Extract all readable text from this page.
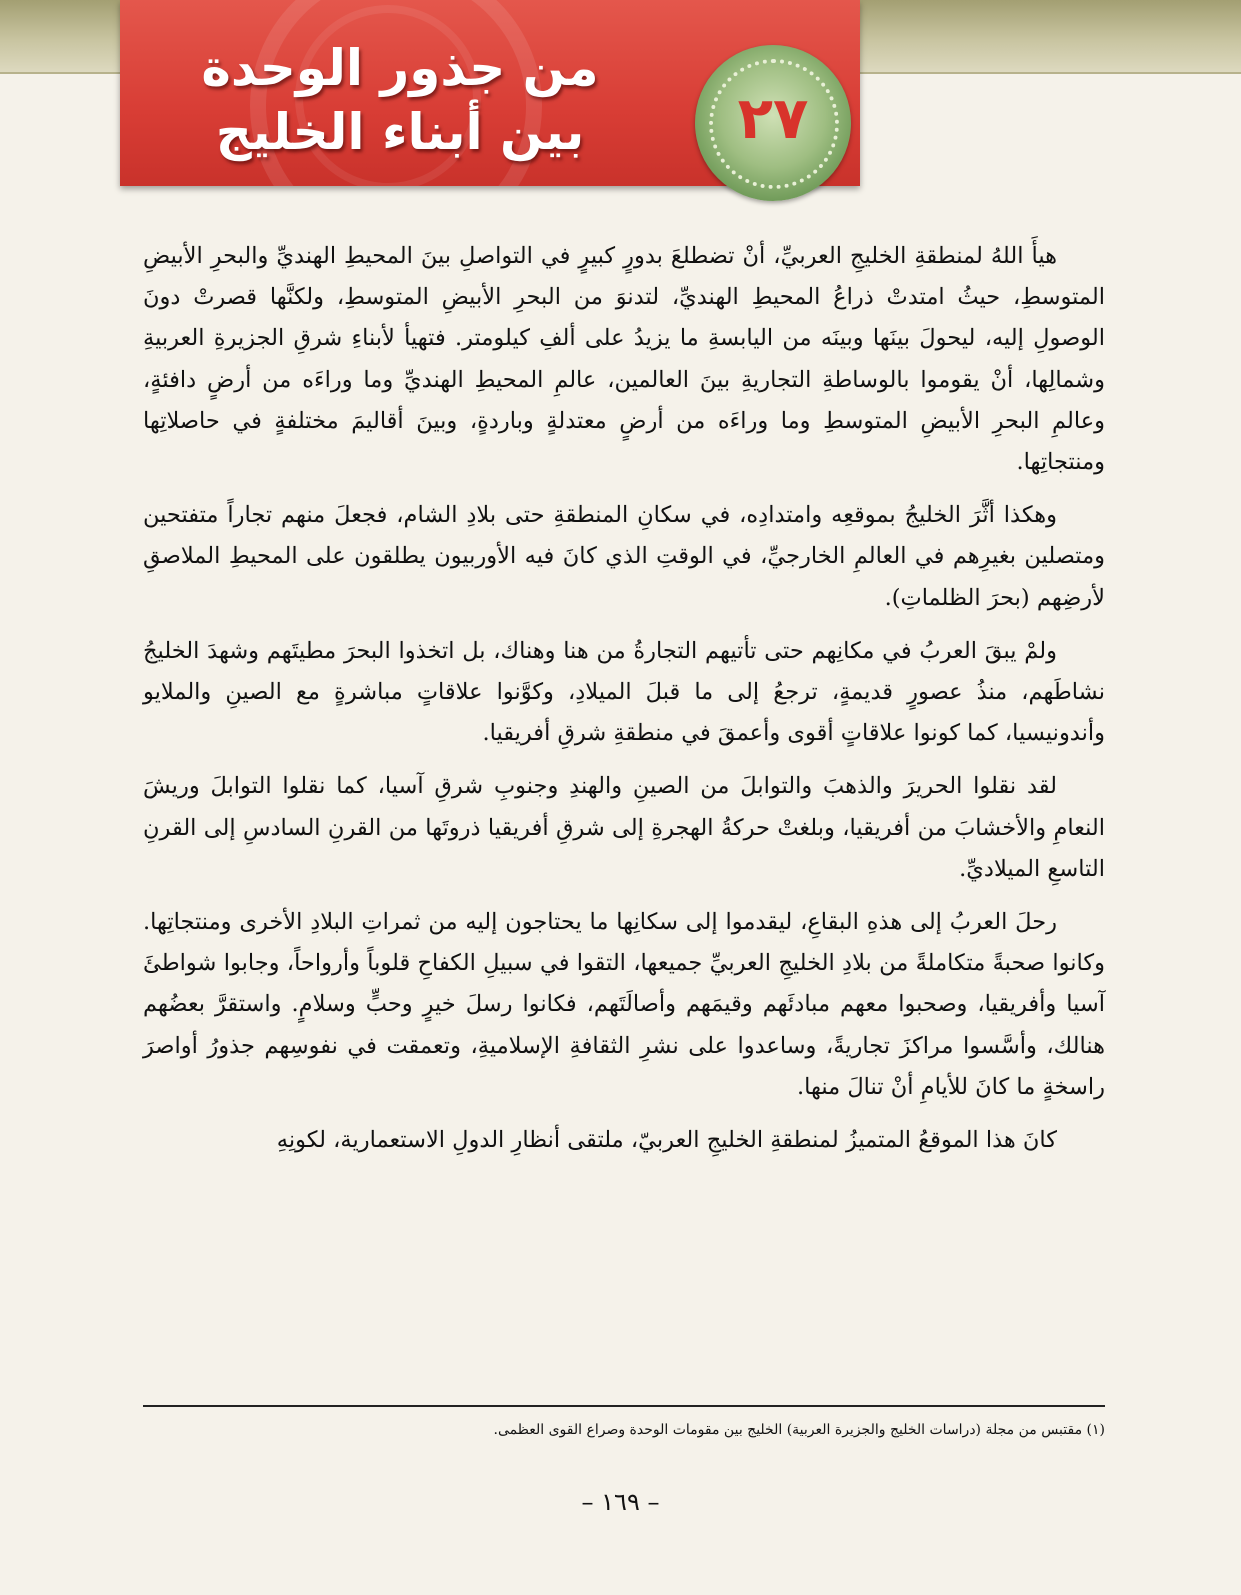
من جذور الوحدة
بين أبناء الخليج	٢٧

هيأَ اللهُ لمنطقةِ الخليجِ العربيِّ، أنْ تضطلعَ بدورٍ كبيرٍ في التواصلِ بينَ المحيطِ الهنديِّ والبحرِ الأبيضِ المتوسطِ، حيثُ امتدتْ ذراعُ المحيطِ الهنديِّ، لتدنوَ من البحرِ الأبيضِ المتوسطِ، ولكنَّها قصرتْ دونَ الوصولِ إليه، ليحولَ بينَها وبينَه من اليابسةِ ما يزيدُ على ألفِ كيلومتر. فتهيأ لأبناءِ شرقِ الجزيرةِ العربيةِ وشمالِها، أنْ يقوموا بالوساطةِ التجاريةِ بينَ العالمين، عالمِ المحيطِ الهنديِّ وما وراءَه من أرضٍ دافئةٍ، وعالمِ البحرِ الأبيضِ المتوسطِ وما وراءَه من أرضٍ معتدلةٍ وباردةٍ، وبينَ أقاليمَ مختلفةٍ في حاصلاتِها ومنتجاتِها.

وهكذا أثَّرَ الخليجُ بموقعِه وامتدادِه، في سكانِ المنطقةِ حتى بلادِ الشام، فجعلَ منهم تجاراً متفتحين ومتصلين بغيرِهم في العالمِ الخارجيِّ، في الوقتِ الذي كانَ فيه الأوربيون يطلقون على المحيطِ الملاصقِ لأرضِهم (بحرَ الظلماتِ).

ولمْ يبقَ العربُ في مكانِهم حتى تأتيهم التجارةُ من هنا وهناك، بل اتخذوا البحرَ مطيتَهم وشهدَ الخليجُ نشاطَهم، منذُ عصورٍ قديمةٍ، ترجعُ إلى ما قبلَ الميلادِ، وكوَّنوا علاقاتٍ مباشرةٍ مع الصينِ والملايو وأندونيسيا، كما كونوا علاقاتٍ أقوى وأعمقَ في منطقةِ شرقِ أفريقيا.

لقد نقلوا الحريرَ والذهبَ والتوابلَ من الصينِ والهندِ وجنوبِ شرقِ آسيا، كما نقلوا التوابلَ وريشَ النعامِ والأخشابَ من أفريقيا، وبلغتْ حركةُ الهجرةِ إلى شرقِ أفريقيا ذروتَها من القرنِ السادسِ إلى القرنِ التاسعِ الميلاديِّ.

رحلَ العربُ إلى هذهِ البقاعِ، ليقدموا إلى سكانِها ما يحتاجون إليه من ثمراتِ البلادِ الأخرى ومنتجاتِها. وكانوا صحبةً متكاملةً من بلادِ الخليجِ العربيِّ جميعها، التقوا في سبيلِ الكفاحِ قلوباً وأرواحاً، وجابوا شواطئَ آسيا وأفريقيا، وصحبوا معهم مبادئَهم وقيمَهم وأصالَتَهم، فكانوا رسلَ خيرٍ وحبٍّ وسلامٍ. واستقرَّ بعضُهم هنالك، وأسَّسوا مراكزَ تجاريةً، وساعدوا على نشرِ الثقافةِ الإسلاميةِ، وتعمقت في نفوسِهم جذورُ أواصرَ راسخةٍ ما كانَ للأيامِ أنْ تنالَ منها.

كانَ هذا الموقعُ المتميزُ لمنطقةِ الخليجِ العربيّ، ملتقى أنظارِ الدولِ الاستعمارية، لكونِهِ

(١) مقتبس من مجلة (دراسات الخليج والجزيرة العربية) الخليج بين مقومات الوحدة وصراع القوى العظمى.
– ١٦٩ –
